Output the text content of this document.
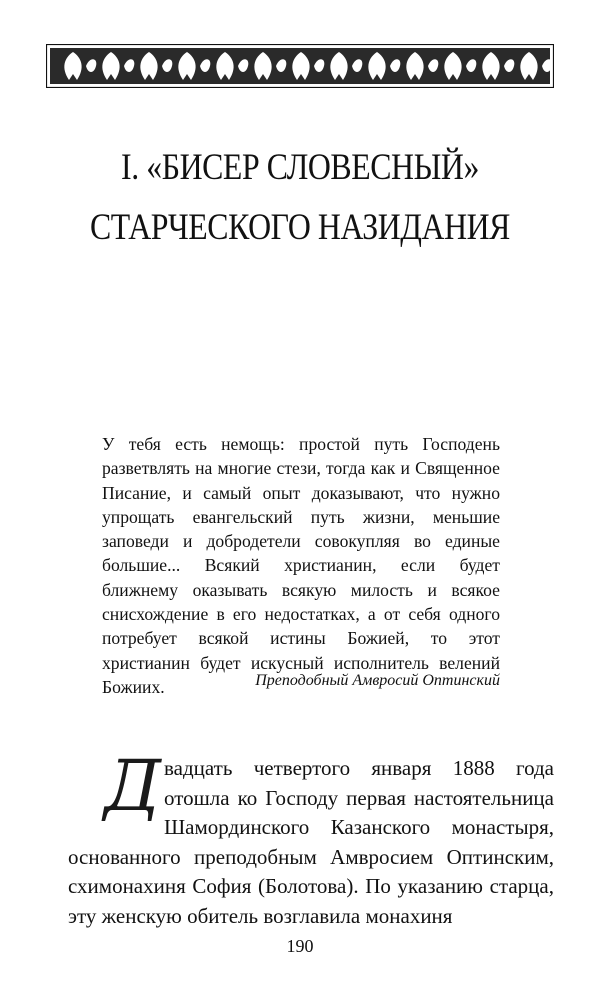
I. «БИСЕР СЛОВЕСНЫЙ»
СТАРЧЕСКОГО НАЗИДАНИЯ

У тебя есть немощь: простой путь Господень разветвлять на многие стези, тогда как и Священное Писание, и самый опыт доказывают, что нужно упрощать евангельский путь жизни, меньшие заповеди и добродетели совокупляя во единые большие... Всякий христианин, если будет ближнему оказывать всякую милость и всякое снисхождение в его недостатках, а от себя одного потребует всякой истины Божией, то этот христианин будет искусный исполнитель велений Божиих.	Преподобный Амвросий Оптинский

Двадцать четвертого января 1888 года отошла ко Господу первая настоятельница Шамординского Казанского монастыря, основанного преподобным Амвросием Оптинским, схимонахиня София (Болотова). По указанию старца, эту женскую обитель возглавила монахиня

190
